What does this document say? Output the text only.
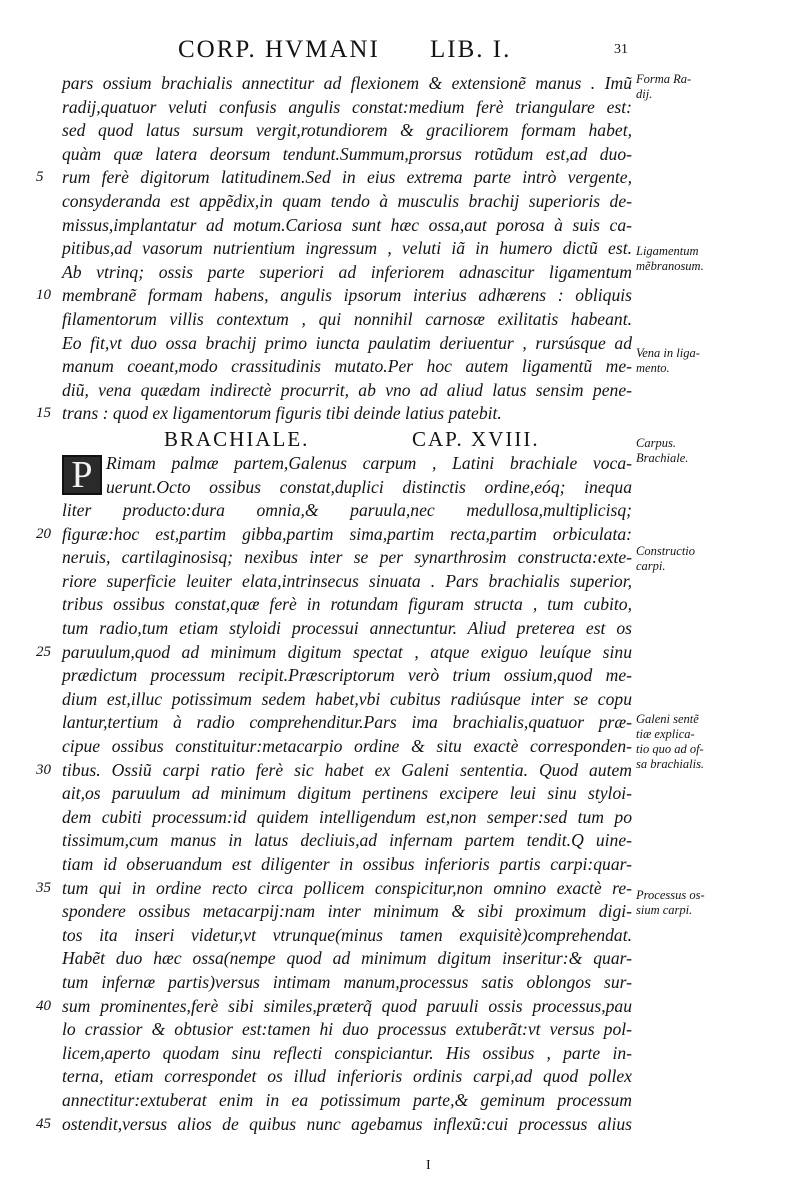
CORP. HVMANI LIB. I.	31
pars ossium brachialis annectitur ad flexionem & extensionẽ manus . Imũ
radij,quatuor veluti confusis angulis constat:medium ferè triangulare est:
sed quod latus sursum vergit,rotundiorem & graciliorem formam habet,
quàm quæ latera deorsum tendunt.Summum,prorsus rotũdum est,ad duo-
5	rum ferè digitorum latitudinem.Sed in eius extrema parte intrò vergente,
consyderanda est appẽdix,in quam tendo à musculis brachij superioris de-
missus,implantatur ad motum.Cariosa sunt hæc ossa,aut porosa à suis ca-
pitibus,ad vasorum nutrientium ingressum , veluti iã in humero dictũ est.
Ab vtrinq; ossis parte superiori ad inferiorem adnascitur ligamentum
10 membranẽ formam habens, angulis ipsorum interius adhærens : obliquis
filamentorum villis contextum , qui nonnihil carnosæ exilitatis habeant.
Eo fit,vt duo ossa brachij primo iuncta paulatim deriuentur , rursúsque ad
manum coeant,modo crassitudinis mutato.Per hoc autem ligamentũ me-
diũ, vena quædam indirectè procurrit, ab vno ad aliud latus sensim pene-
15 trans : quod ex ligamentorum figuris tibi deinde latius patebit.
BRACHIALE.	CAP. XVIII.
P Rimam palmæ partem,Galenus carpum , Latini brachiale voca-
uerunt.Octo ossibus constat,duplici distinctis ordine,eóq; inequa
liter producto:dura omnia,& paruula,nec medullosa,multiplicisq;
20 figuræ:hoc est,partim gibba,partim sima,partim recta,partim orbiculata:
neruis, cartilaginosisq; nexibus inter se per synarthrosim constructa:exte-
riore superficie leuiter elata,intrinsecus sinuata . Pars brachialis superior,
tribus ossibus constat,quæ ferè in rotundam figuram structa , tum cubito,
tum radio,tum etiam styloidi processui annectuntur. Aliud preterea est os
25 paruulum,quod ad minimum digitum spectat , atque exiguo leuíque sinu
prædictum processum recipit.Præscriptorum verò trium ossium,quod me-
dium est,illuc potissimum sedem habet,vbi cubitus radiúsque inter se copu
lantur,tertium à radio comprehenditur.Pars ima brachialis,quatuor præ-
cipue ossibus constituitur:metacarpio ordine & situ exactè corresponden-
30 tibus. Ossiũ carpi ratio ferè sic habet ex Galeni sententia. Quod autem
ait,os paruulum ad minimum digitum pertinens excipere leui sinu styloi-
dem cubiti processum:id quidem intelligendum est,non semper:sed tum po
tissimum,cum manus in latus decliuis,ad infernam partem tendit.Q uine-
tiam id obseruandum est diligenter in ossibus inferioris partis carpi:quar-
35 tum qui in ordine recto circa pollicem conspicitur,non omnino exactè re-
spondere ossibus metacarpij:nam inter minimum & sibi proximum digi-
tos ita inseri videtur,vt vtrunque(minus tamen exquisitè)comprehendat.
Habẽt duo hæc ossa(nempe quod ad minimum digitum inseritur:& quar-
tum infernæ partis)versus intimam manum,processus satis oblongos sur-
40 sum prominentes,ferè sibi similes,præterq̃ quod paruuli ossis processus,pau
lo crassior & obtusior est:tamen hi duo processus extuberãt:vt versus pol-
licem,aperto quodam sinu reflecti conspiciantur. His ossibus , parte in-
terna, etiam correspondet os illud inferioris ordinis carpi,ad quod pollex
annectitur:extuberat enim in ea potissimum parte,& geminum processum
45 ostendit,versus alios de quibus nunc agebamus inflexũ:cui processus alius
Forma Ra-
dij.
Ligamentum
mẽbranosum.
Vena in liga-
mento.
Carpus.
Brachiale.
Constructio
carpi.
Galeni sentẽ
tiæ explica-
tio quo ad of-
sa brachialis.
Processus os-
sium carpi.
I
